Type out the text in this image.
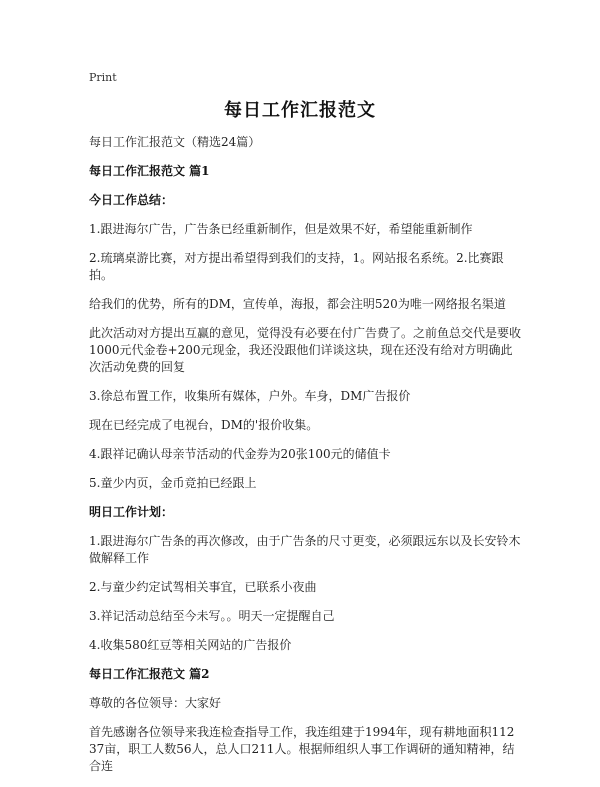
Print
每日工作汇报范文
每日工作汇报范文（精选24篇）
每日工作汇报范文 篇1
今日工作总结：
1.跟进海尔广告，广告条已经重新制作，但是效果不好，希望能重新制作
2.琉璃桌游比赛，对方提出希望得到我们的支持，1。网站报名系统。2.比赛跟拍。
给我们的优势，所有的DM，宣传单，海报，都会注明520为唯一网络报名渠道
此次活动对方提出互赢的意见，觉得没有必要在付广告费了。之前鱼总交代是要收1000元代金卷+200元现金，我还没跟他们详谈这块，现在还没有给对方明确此次活动免费的回复
3.徐总布置工作，收集所有媒体，户外。车身，DM广告报价
现在已经完成了电视台，DM的'报价收集。
4.跟祥记确认母亲节活动的代金券为20张100元的储值卡
5.童少内页，金币竞拍已经跟上
明日工作计划：
1.跟进海尔广告条的再次修改，由于广告条的尺寸更变，必须跟远东以及长安铃木做解释工作
2.与童少约定试驾相关事宜，已联系小夜曲
3.祥记活动总结至今未写。。明天一定提醒自己
4.收集580红豆等相关网站的广告报价
每日工作汇报范文 篇2
尊敬的各位领导：大家好
首先感谢各位领导来我连检查指导工作，我连组建于1994年，现有耕地面积11237亩，职工人数56人，总人口211人。根据师组织人事工作调研的通知精神，结合连
